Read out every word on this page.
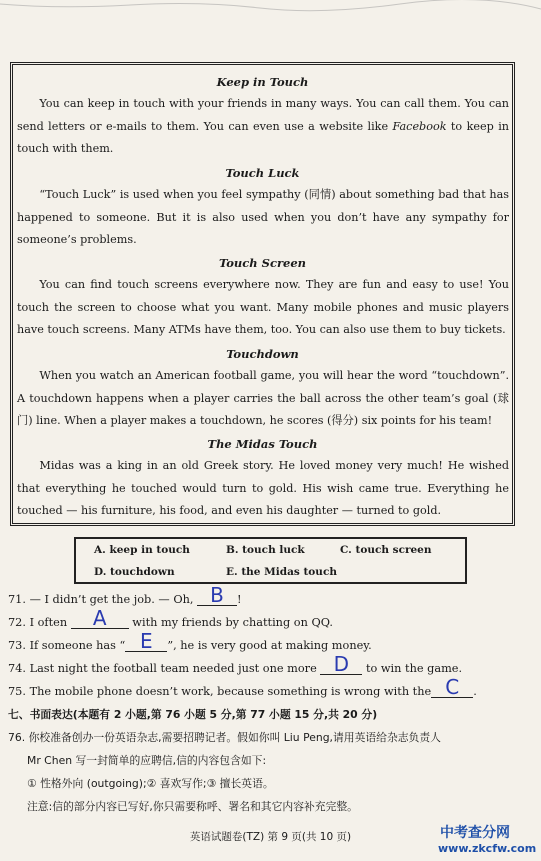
Keep in Touch
You can keep in touch with your friends in many ways. You can call them. You can send letters or e-mails to them. You can even use a website like Facebook to keep in touch with them.
Touch Luck
“Touch Luck” is used when you feel sympathy (同情) about something bad that has happened to someone. But it is also used when you don’t have any sympathy for someone’s problems.
Touch Screen
You can find touch screens everywhere now. They are fun and easy to use! You touch the screen to choose what you want. Many mobile phones and music players have touch screens. Many ATMs have them, too. You can also use them to buy tickets.
Touchdown
When you watch an American football game, you will hear the word “touchdown”. A touchdown happens when a player carries the ball across the other team’s goal (球门) line. When a player makes a touchdown, he scores (得分) six points for his team!
The Midas Touch
Midas was a king in an old Greek story. He loved money very much! He wished that everything he touched would turn to gold. His wish came true. Everything he touched — his furniture, his food, and even his daughter — turned to gold.
A. keep in touch	B. touch luck	C. touch screen
D. touchdown	E. the Midas touch
71. — I didn’t get the job. — Oh, B	!
72. I often	A	with my friends by chatting on QQ.
73. If someone has “ E	”, he is very good at making money.
74. Last night the football team needed just one more D	to win the game.
75. The mobile phone doesn’t work, because something is wrong with the C	.
七、书面表达(本题有 2 小题,第 76 小题 5 分,第 77 小题 15 分,共 20 分)
76. 你校准备创办一份英语杂志,需要招聘记者。假如你叫 Liu Peng,请用英语给杂志负责人
Mr Chen 写一封简单的应聘信,信的内容包含如下:
① 性格外向 (outgoing);② 喜欢写作;③ 擅长英语。
注意:信的部分内容已写好,你只需要称呼、署名和其它内容补充完整。
英语试题卷(TZ) 第 9 页(共 10 页)	中考查分网
www.zkcfw.com
